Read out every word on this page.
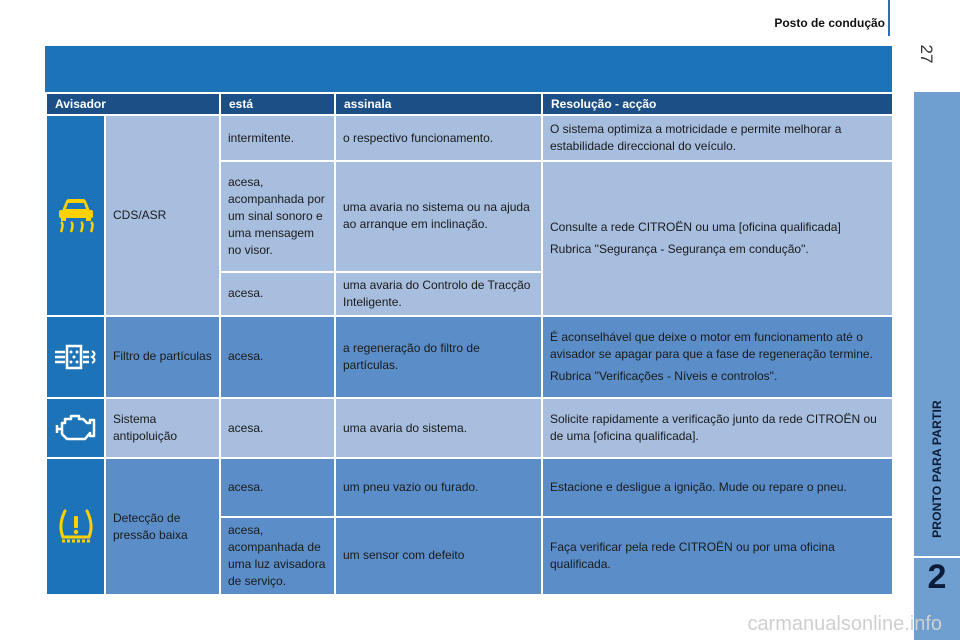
Posto de condução
27
PRONTO PARA PARTIR
2
Avisador		está	assinala	Resolução - acção
	CDS/ASR	intermitente.	o respectivo funcionamento.	O sistema optimiza a motricidade e permite melhorar a estabilidade direccional do veículo.
		acesa, acompanhada por um sinal sonoro e uma mensagem no visor.	uma avaria no sistema ou na ajuda ao arranque em inclinação.	Consulte a rede CITROËN ou uma [oficina qualificada]

Rubrica "Segurança - Segurança em condução".

		acesa.	uma avaria do Controlo de Tracção Inteligente.	
	Filtro de partículas	acesa.	a regeneração do filtro de partículas.	É aconselhável que deixe o motor em funcionamento até o avisador se apagar para que a fase de regeneração termine.

Rubrica "Verificações - Níveis e controlos".

	Sistema antipoluição	acesa.	uma avaria do sistema.	Solicite rapidamente a verificação junto da rede CITROËN ou de uma [oficina qualificada].
	Detecção de pressão baixa	acesa.	um pneu vazio ou furado.	Estacione e desligue a ignição. Mude ou repare o pneu.
		acesa, acompanhada de uma luz avisadora de serviço.	um sensor com defeito	Faça verificar pela rede CITROËN ou por uma oficina qualificada.
carmanualsonline.info
